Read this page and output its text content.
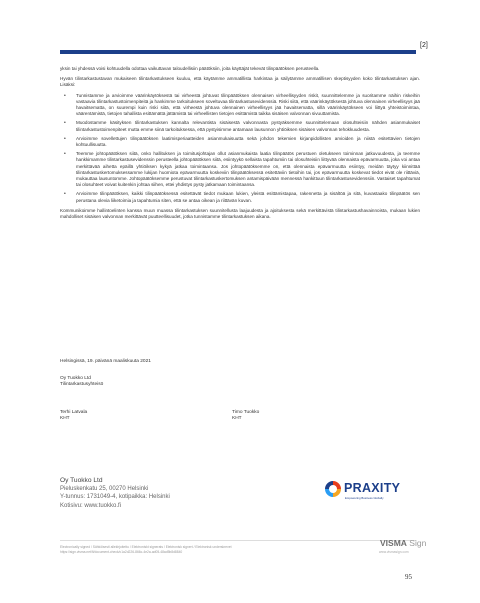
[2]

yksin tai yhdessä voisi kohtuudella odottaa vaikuttavan taloudellisiin päätöksiin, joita käyttäjät tekevät tilinpäätöksen perusteella.

Hyvän tilintarkastustavan mukaiseen tilintarkastukseen kuuluu, että käytämme ammatillista harkintaa ja säilytämme ammatillisen skeptisyyden koko tilintarkastuksen ajan. Lisäksi:

• Tunnistamme ja arvioimme väärinkäytöksestä tai virheestä johtuvat tilinpäätöksen olennaisen virheellisyyden riskit, suunnittelemme ja suoritamme näihin riskeihin vastaavia tilintarkastustoimenpiteitä ja hankimme tarkoitukseen soveltuvaa tilintarkastusevidenssiä. Riski siitä, että väärinkäytöksestä johtuva olennainen virheellisyys jää havaitsematta, on suurempi kuin riski siitä, että virheestä johtuva olennainen virheellisyys jää havaitsematta, sillä väärinkäytökseen voi liittyä yhteistoimintaa, väärentämistä, tietojen tahallista esittämättä jättämistä tai virheellisten tietojen esittämistä taikka sisäisen valvonnan sivuuttamista.
• Muodostamme käsityksen tilintarkastuksen kannalta relevantista sisäisestä valvonnasta pystyäksemme suunnittelemaan olosuhteisiin nähden asianmukaiset tilintarkastustoimenpiteet mutta emme siinä tarkoituksessa, että pystyisimme antamaan lausunnon yhtiöiksen sisäisen valvonnan tehokkuudesta.
• Arvioimme sovellettujen tilinpäätöksen laatimisperiaatteiden asianmukaisuutta sekä johdon tekemien kirjanpidollisten arvioiden ja niistä esitettävien tietojen kohtuullisuutta.
• Teemme johtopäätöksen siitä, onko hallituksen ja toimitusjohtajan ollut asianmukaista laatia tilinpäätös perustuen oletukseen toiminnan jatkuvuudesta, ja teemme hankkimamme tilintarkastusevidenssin perusteella johtopäätöksen siitä, esiintyykö sellaista tapahtumiin tai olosuhteisiin liittyvää olennaista epävarmuutta, joka voi antaa merkittävää aihetta epäillä yhtiöiksen kykyä jatkaa toimintaansa. Jos johtopäätöksemme on, että olennaista epävarmuutta esiintyy, meidän täytyy kiinnittää tilintarkastuskertomuksessamme lukijan huomiota epävarmuutta koskeviin tilinpäätöksessä esitettäviin tietoihin tai, jos epävarmuutta koskevat tiedot eivät ole riittäviä, mukauttaa lausuntomme. Johtopäätöksemme perustuvat tilintarkastuskertomuksen antamispäivään mennessä hankittuun tilintarkastusevidenssiin. Vastaiset tapahtumat tai olosuhteet voivat kuitenkin johtaa siihen, ettei yhdistys pysty jatkamaan toimintaansa.
• Arvioimme tilinpäätöksen, kaikki tilinpäätöksessä esitettävät tiedot mukaan lukien, yleistä esittämistapaa, rakennetta ja sisältöä ja sitä, kuvastaako tilinpäätös sen perustana olevia liiketoimia ja tapahtumia siten, että se antaa oikean ja riittävän kuvan.

Kommunikoimme hallintoelinten kanssa muun muassa tilintarkastuksen suunnitellusta laajuudesta ja ajoituksesta sekä merkittävistä tilintarkastushavainnoista, mukaan lukien mahdolliset sisäisen valvonnan merkittävät puutteellisuudet, jotka tunnistamme tilintarkastuksen aikana.

Helsingissä, 19. päivänä maaliskuuta 2021
Oy Tuokko Ltd
Tilintarkastusyhteisö
Terhi Latvala
KHT
Timo Tuokko
KHT
Oy Tuokko Ltd
Pieluskenkatu 25, 00270 Helsinki
Y-tunnus: 1731049-4, kotipaikka: Helsinki
Kotisivu: www.tuokko.fi
PRAXITY
Empowering Business Globally
Electronically signed / Sähköisesti allekirjoitettu / Elektroniskt signerats / Elektronisk signert / Elektronisk underskrevet
https://sign.visma.net/fi/document-check/c1a2d226-866c-4e2a-ad05-48ad5b8d8840
VISMA Sign
www.vismasign.com
95
